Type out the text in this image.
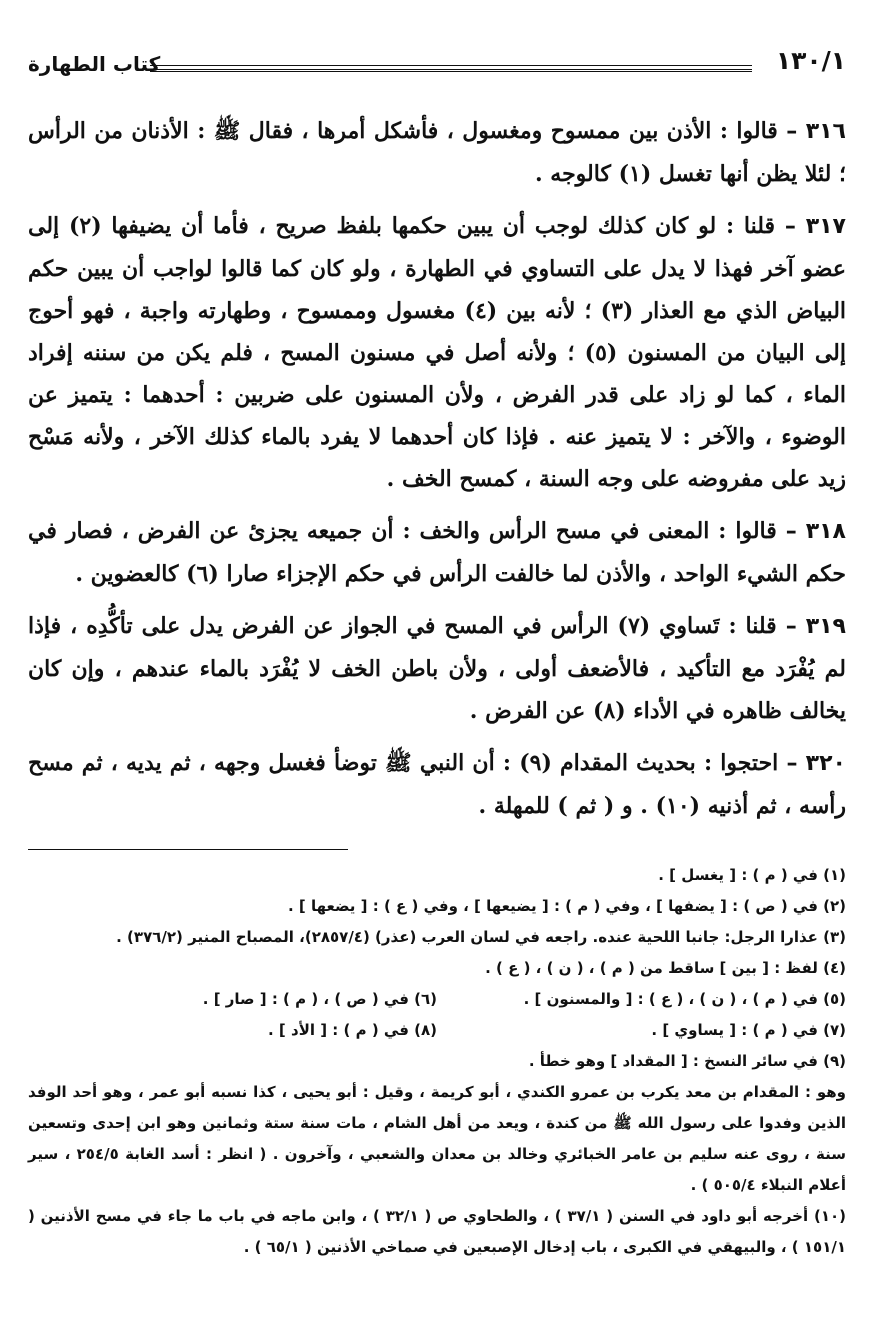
١٣٠/١
كتاب الطهارة

٣١٦ – قالوا : الأذن بين ممسوح ومغسول ، فأشكل أمرها ، فقال ﷺ : الأذنان من الرأس ؛ لئلا يظن أنها تغسل (١) كالوجه .

٣١٧ – قلنا : لو كان كذلك لوجب أن يبين حكمها بلفظ صريح ، فأما أن يضيفها (٢) إلى عضو آخر فهذا لا يدل على التساوي في الطهارة ، ولو كان كما قالوا لواجب أن يبين حكم البياض الذي مع العذار (٣) ؛ لأنه بين (٤) مغسول وممسوح ، وطهارته واجبة ، فهو أحوج إلى البيان من المسنون (٥) ؛ ولأنه أصل في مسنون المسح ، فلم يكن من سننه إفراد الماء ، كما لو زاد على قدر الفرض ، ولأن المسنون على ضربين : أحدهما : يتميز عن الوضوء ، والآخر : لا يتميز عنه . فإذا كان أحدهما لا يفرد بالماء كذلك الآخر ، ولأنه مَسْح زيد على مفروضه على وجه السنة ، كمسح الخف .

٣١٨ – قالوا : المعنى في مسح الرأس والخف : أن جميعه يجزئ عن الفرض ، فصار في حكم الشيء الواحد ، والأذن لما خالفت الرأس في حكم الإجزاء صارا (٦) كالعضوين .

٣١٩ – قلنا : تَساوي (٧) الرأس في المسح في الجواز عن الفرض يدل على تأكُّدِه ، فإذا لم يُفْرَد مع التأكيد ، فالأضعف أولى ، ولأن باطن الخف لا يُفْرَد بالماء عندهم ، وإن كان يخالف ظاهره في الأداء (٨) عن الفرض .

٣٢٠ – احتجوا : بحديث المقدام (٩) : أن النبي ﷺ توضأ فغسل وجهه ، ثم يديه ، ثم مسح رأسه ، ثم أذنيه (١٠) . و ( ثم ) للمهلة .

(١) في ( م ) : [ يغسل ] .

(٢) في ( ص ) : [ يضفها ] ، وفي ( م ) : [ يضيعها ] ، وفي ( ع ) : [ يضعها ] .

(٣) عذارا الرجل: جانبا اللحية عنده. راجعه في لسان العرب (عذر) (٢٨٥٧/٤)، المصباح المنير (٣٧٦/٢) .

(٤) لفظ : [ بين ] ساقط من ( م ) ، ( ن ) ، ( ع ) .

(٥) في ( م ) ، ( ن ) ، ( ع ) : [ والمسنون ] .
(٦) في ( ص ) ، ( م ) : [ صار ] .
(٧) في ( م ) : [ يساوي ] .
(٨) في ( م ) : [ الأد ] .

(٩) في سائر النسخ : [ المقداد ] وهو خطأ .

وهو : المقدام بن معد يكرب بن عمرو الكندي ، أبو كريمة ، وقيل : أبو يحيى ، كذا نسبه أبو عمر ، وهو أحد الوفد الذين وفدوا على رسول الله ﷺ من كندة ، ويعد من أهل الشام ، مات سنة ستة وثمانين وهو ابن إحدى وتسعين سنة ، روى عنه سليم بن عامر الخبائري وخالد بن معدان والشعبي ، وآخرون . ( انظر : أسد الغابة ٢٥٤/٥ ، سير أعلام النبلاء ٥٠٥/٤ ) .

(١٠) أخرجه أبو داود في السنن ( ٣٧/١ ) ، والطحاوي ص ( ٣٢/١ ) ، وابن ماجه في باب ما جاء في مسح الأذنين ( ١٥١/١ ) ، والبيهقي في الكبرى ، باب إدخال الإصبعين في صماخي الأذنين ( ٦٥/١ ) .
